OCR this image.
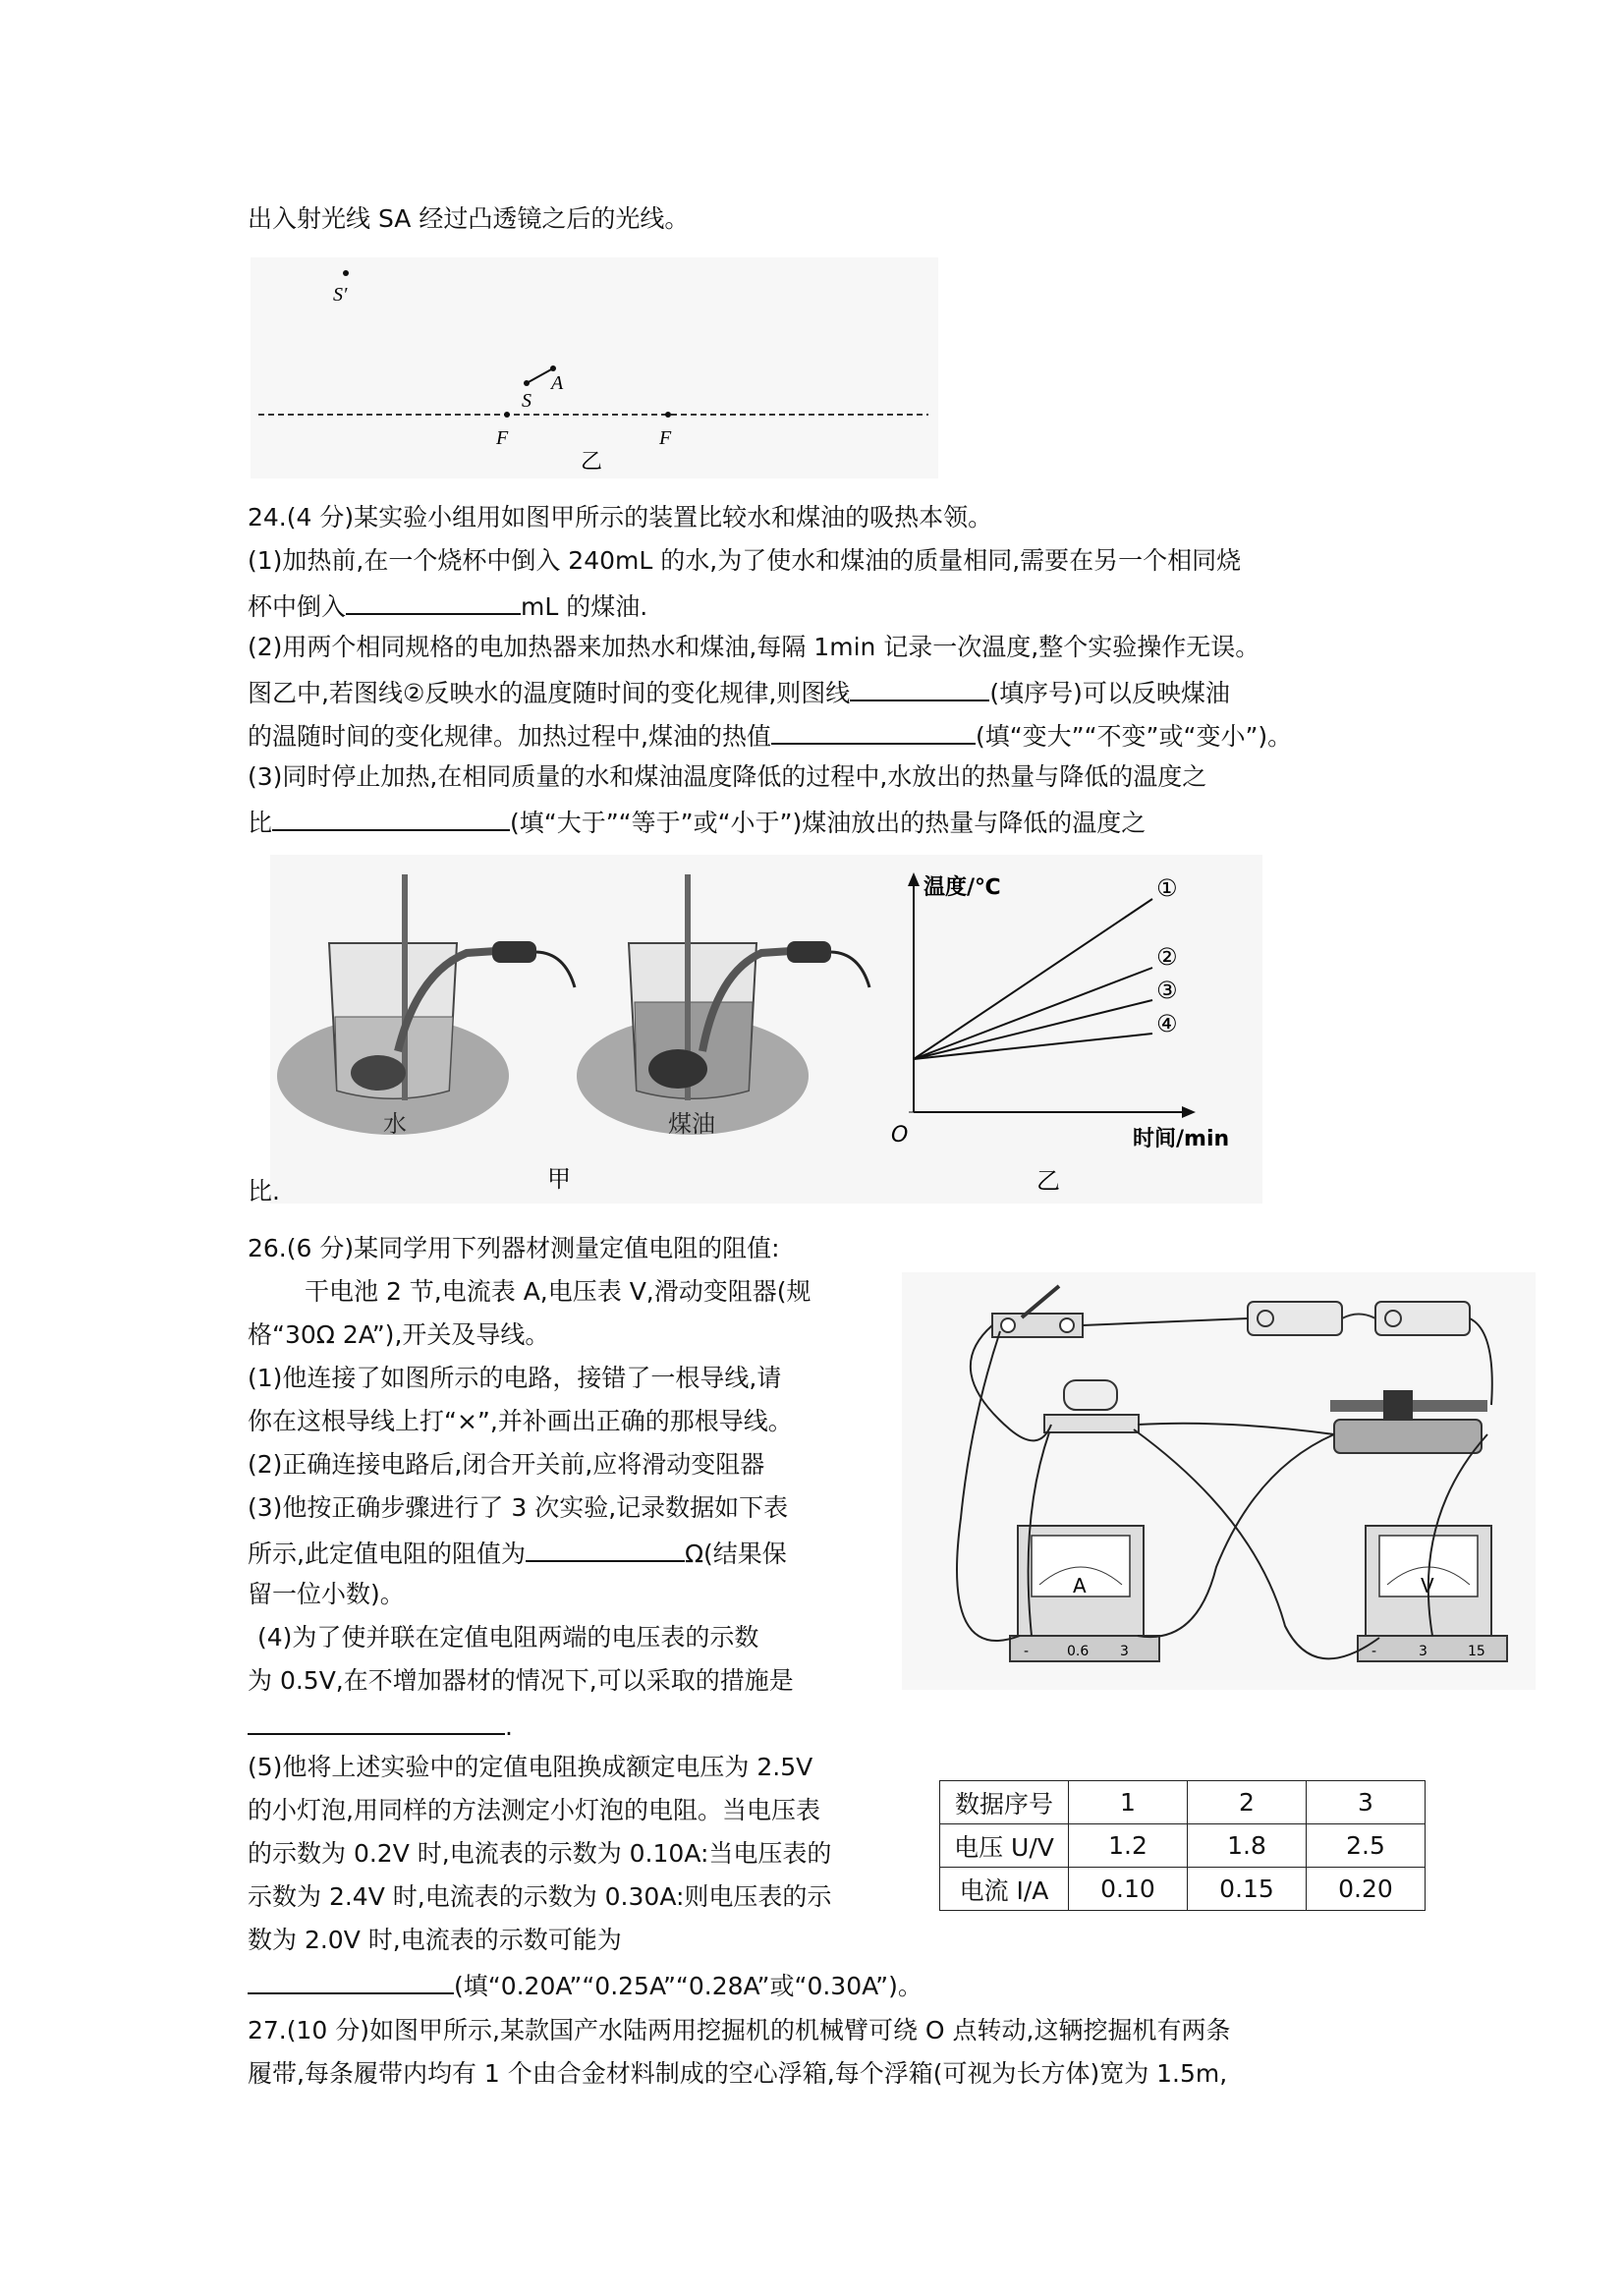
出入射光线 SA 经过凸透镜之后的光线。
S′
S
A
F	F
乙
24.(4 分)某实验小组用如图甲所示的装置比较水和煤油的吸热本领。
(1)加热前,在一个烧杯中倒入 240mL 的水,为了使水和煤油的质量相同,需要在另一个相同烧
杯中倒入	mL 的煤油.
(2)用两个相同规格的电加热器来加热水和煤油,每隔 1min 记录一次温度,整个实验操作无误。
图乙中,若图线②反映水的温度随时间的变化规律,则图线	(填序号)可以反映煤油
的温随时间的变化规律。加热过程中,煤油的热值	(填“变大”“不变”或“变小”)。
(3)同时停止加热,在相同质量的水和煤油温度降低的过程中,水放出的热量与降低的温度之
比	(填“大于”“等于”或“小于”)煤油放出的热量与降低的温度之
水	煤油
甲
温度/℃
时间/min
O
①
②
③
④
乙
比.
26.(6 分)某同学用下列器材测量定值电阻的阻值:
干电池 2 节,电流表 A,电压表 V,滑动变阻器(规
格“30Ω 2A”),开关及导线。
(1)他连接了如图所示的电路，接错了一根导线,请
你在这根导线上打“×”,并补画出正确的那根导线。
(2)正确连接电路后,闭合开关前,应将滑动变阻器
(3)他按正确步骤进行了 3 次实验,记录数据如下表
所示,此定值电阻的阻值为	Ω(结果保
留一位小数)。
(4)为了使并联在定值电阻两端的电压表的示数
为 0.5V,在不增加器材的情况下,可以采取的措施是
.
(5)他将上述实验中的定值电阻换成额定电压为 2.5V
的小灯泡,用同样的方法测定小灯泡的电阻。当电压表
的示数为 0.2V 时,电流表的示数为 0.10A:当电压表的
示数为 2.4V 时,电流表的示数为 0.30A:则电压表的示
数为 2.0V 时,电流表的示数可能为
(填“0.20A”“0.25A”“0.28A”或“0.30A”)。
A
-	0.6 3
V
-	3	15
数据序号	1	2	3
电压 U/V	1.2	1.8	2.5
电流 I/A	0.10	0.15	0.20
27.(10 分)如图甲所示,某款国产水陆两用挖掘机的机械臂可绕 O 点转动,这辆挖掘机有两条
履带,每条履带内均有 1 个由合金材料制成的空心浮箱,每个浮箱(可视为长方体)宽为 1.5m,
